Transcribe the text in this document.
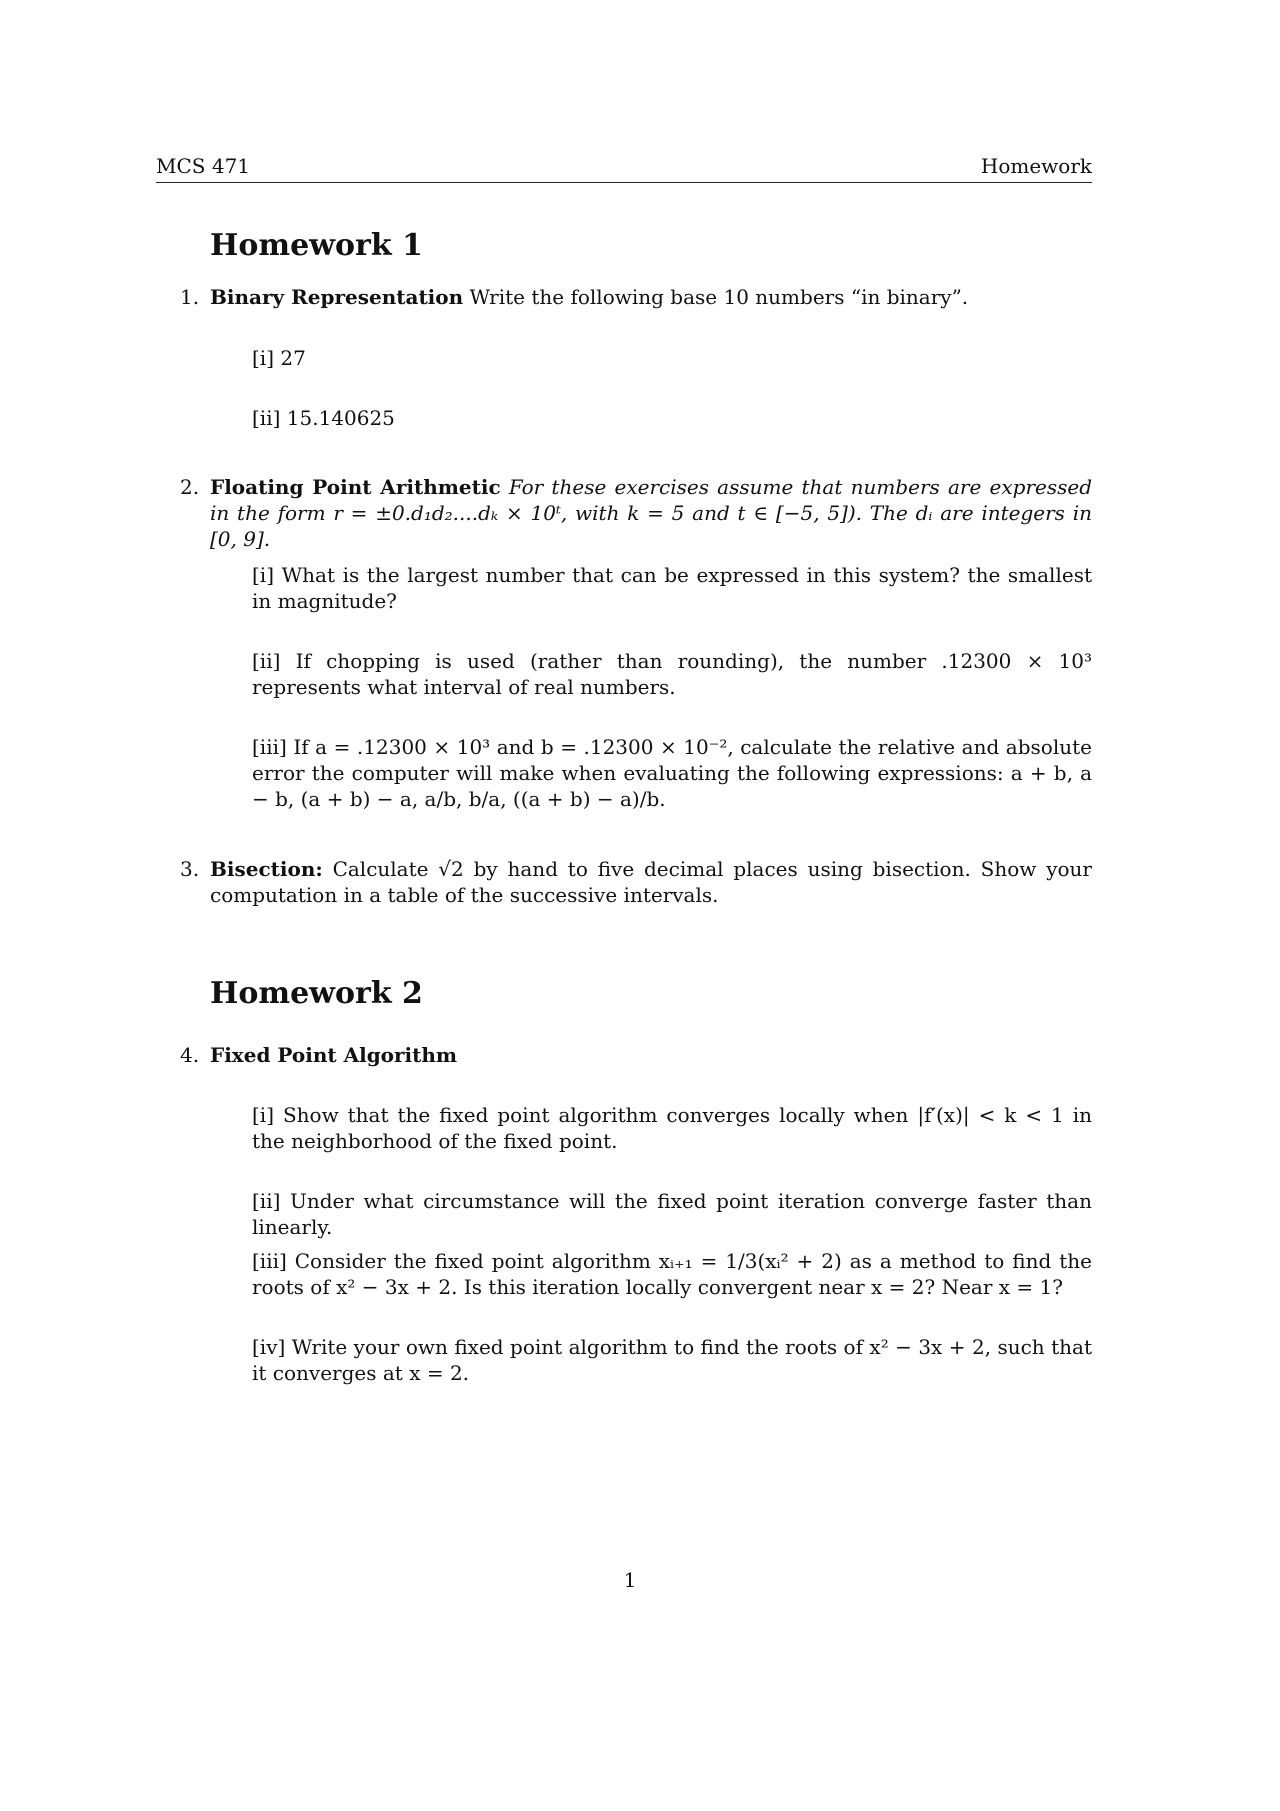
MCS 471	Homework
Homework 1
1. Binary Representation Write the following base 10 numbers “in binary”.
[i] 27
[ii] 15.140625
2. Floating Point Arithmetic For these exercises assume that numbers are expressed in the form r = ±0.d₁d₂....dₖ × 10ᵗ, with k = 5 and t ∈ [−5, 5]). The dᵢ are integers in [0, 9].
[i] What is the largest number that can be expressed in this system? the smallest in magnitude?
[ii] If chopping is used (rather than rounding), the number .12300 × 10³ represents what interval of real numbers.
[iii] If a = .12300 × 10³ and b = .12300 × 10⁻², calculate the relative and absolute error the computer will make when evaluating the following expressions: a + b, a − b, (a + b) − a, a/b, b/a, ((a + b) − a)/b.
3. Bisection: Calculate √2 by hand to five decimal places using bisection. Show your computation in a table of the successive intervals.
Homework 2
4. Fixed Point Algorithm
[i] Show that the fixed point algorithm converges locally when |f′(x)| < k < 1 in the neighborhood of the fixed point.
[ii] Under what circumstance will the fixed point iteration converge faster than linearly.
[iii] Consider the fixed point algorithm xᵢ₊₁ = 1/3(xᵢ² + 2) as a method to find the roots of x² − 3x + 2. Is this iteration locally convergent near x = 2? Near x = 1?
[iv] Write your own fixed point algorithm to find the roots of x² − 3x + 2, such that it converges at x = 2.
1
